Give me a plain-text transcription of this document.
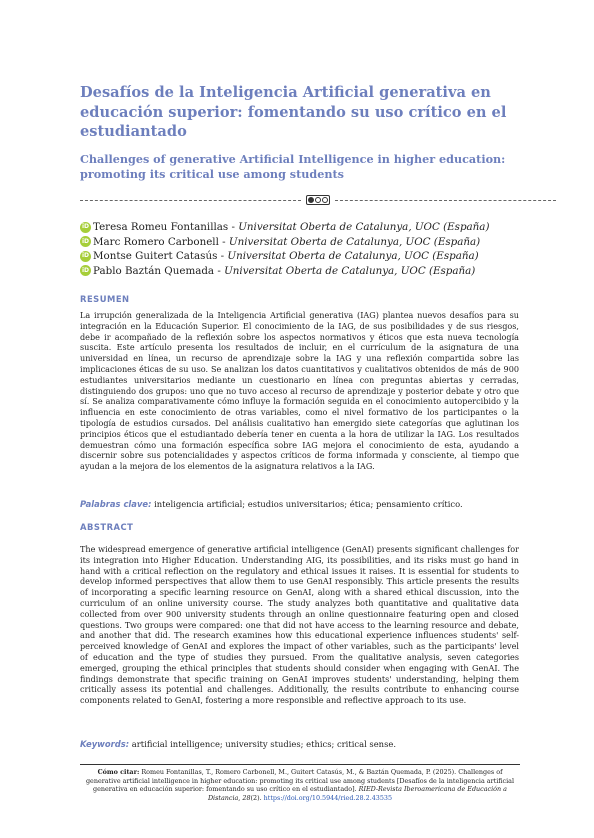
Desafíos de la Inteligencia Artificial generativa en educación superior: fomentando su uso crítico en el estudiantado
Challenges of generative Artificial Intelligence in higher education: promoting its critical use among students
iD Teresa Romeu Fontanillas - Universitat Oberta de Catalunya, UOC (España)
iD Marc Romero Carbonell - Universitat Oberta de Catalunya, UOC (España)
iD Montse Guitert Catasús - Universitat Oberta de Catalunya, UOC (España)
iD Pablo Baztán Quemada - Universitat Oberta de Catalunya, UOC (España)
RESUMEN

La irrupción generalizada de la Inteligencia Artificial generativa (IAG) plantea nuevos desafíos para su integración en la Educación Superior. El conocimiento de la IAG, de sus posibilidades y de sus riesgos, debe ir acompañado de la reflexión sobre los aspectos normativos y éticos que esta nueva tecnología suscita. Este artículo presenta los resultados de incluir, en el currículum de la asignatura de una universidad en línea, un recurso de aprendizaje sobre la IAG y una reflexión compartida sobre las implicaciones éticas de su uso. Se analizan los datos cuantitativos y cualitativos obtenidos de más de 900 estudiantes universitarios mediante un cuestionario en línea con preguntas abiertas y cerradas, distinguiendo dos grupos: uno que no tuvo acceso al recurso de aprendizaje y posterior debate y otro que sí. Se analiza comparativamente cómo influye la formación seguida en el conocimiento autopercibido y la influencia en este conocimiento de otras variables, como el nivel formativo de los participantes o la tipología de estudios cursados. Del análisis cualitativo han emergido siete categorías que aglutinan los principios éticos que el estudiantado debería tener en cuenta a la hora de utilizar la IAG. Los resultados demuestran cómo una formación específica sobre IAG mejora el conocimiento de esta, ayudando a discernir sobre sus potencialidades y aspectos críticos de forma informada y consciente, al tiempo que ayudan a la mejora de los elementos de la asignatura relativos a la IAG.

Palabras clave: inteligencia artificial; estudios universitarios; ética; pensamiento crítico.
ABSTRACT

The widespread emergence of generative artificial intelligence (GenAI) presents significant challenges for its integration into Higher Education. Understanding AIG, its possibilities, and its risks must go hand in hand with a critical reflection on the regulatory and ethical issues it raises. It is essential for students to develop informed perspectives that allow them to use GenAI responsibly. This article presents the results of incorporating a specific learning resource on GenAI, along with a shared ethical discussion, into the curriculum of an online university course. The study analyzes both quantitative and qualitative data collected from over 900 university students through an online questionnaire featuring open and closed questions. Two groups were compared: one that did not have access to the learning resource and debate, and another that did. The research examines how this educational experience influences students' self-perceived knowledge of GenAI and explores the impact of other variables, such as the participants' level of education and the type of studies they pursued. From the qualitative analysis, seven categories emerged, grouping the ethical principles that students should consider when engaging with GenAI. The findings demonstrate that specific training on GenAI improves students' understanding, helping them critically assess its potential and challenges. Additionally, the results contribute to enhancing course components related to GenAI, fostering a more responsible and reflective approach to its use.

Keywords: artificial intelligence; university studies; ethics; critical sense.
Cómo citar: Romeu Fontanillas, T., Romero Carbonell, M., Guitert Catasús, M., & Baztán Quemada, P. (2025). Challenges of generative artificial intelligence in higher education: promoting its critical use among students [Desafíos de la inteligencia artificial generativa en educación superior: fomentando su uso crítico en el estudiantado]. RIED-Revista Iberoamericana de Educación a Distancia, 28(2). https://doi.org/10.5944/ried.28.2.43535
